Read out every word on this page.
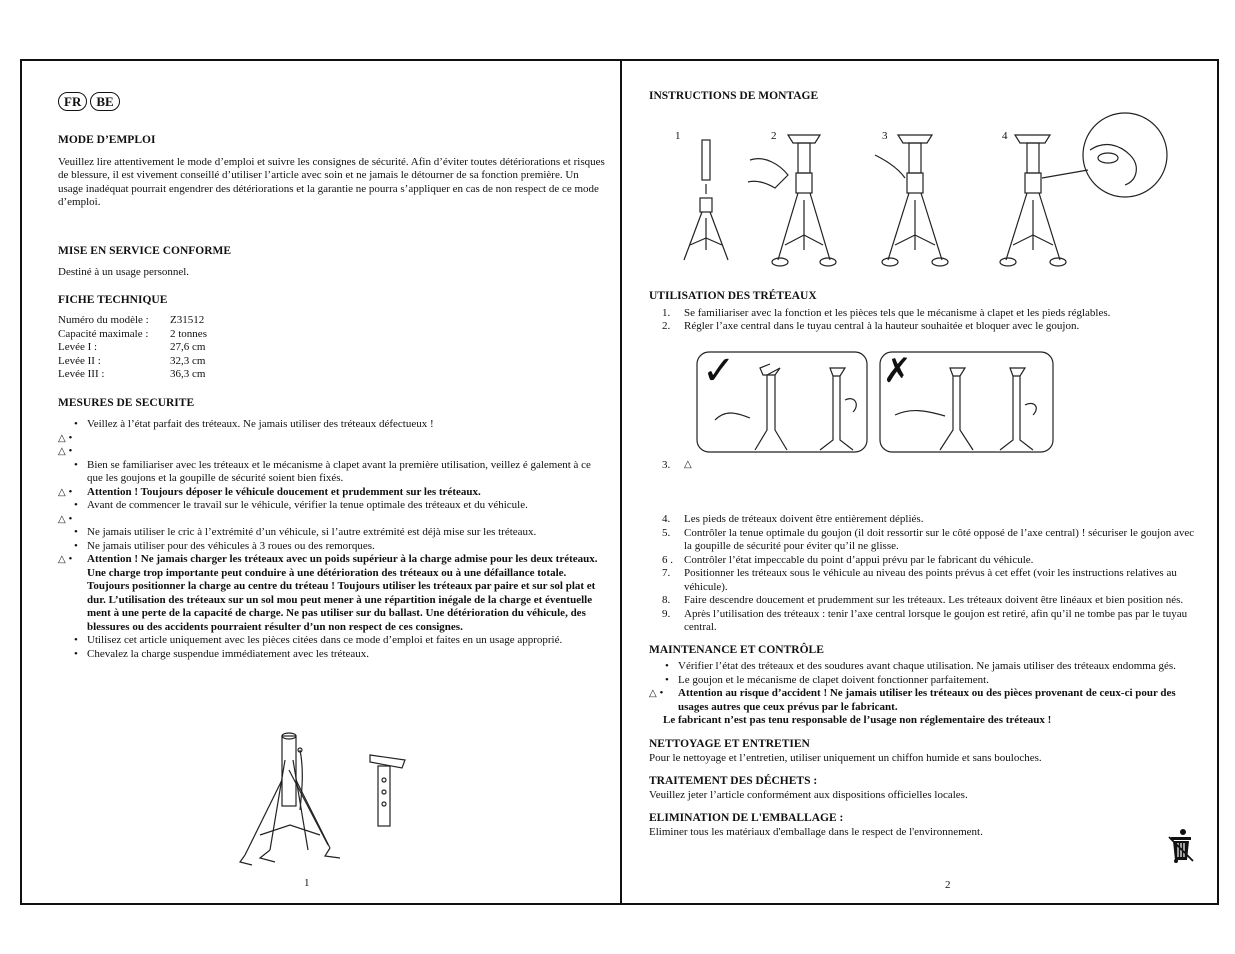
FR	BE
MODE D’EMPLOI

Veuillez lire attentivement le mode d’emploi et suivre les consignes de sécurité. Afin d’éviter toutes détériorations et risques de blessure, il est vivement conseillé d’utiliser l’article avec soin et ne jamais le détourner de sa fonction première. Un usage inadéquat pourrait engendrer des détériorations et la garantie ne pourra s’appliquer en cas de non respect de ce mode d’emploi.

MISE EN SERVICE CONFORME

Destiné à un usage personnel.

FICHE TECHNIQUE
Numéro du modèle :	Z31512
Capacité maximale :	2 tonnes
Levée I :	27,6 cm
Levée II :	32,3 cm
Levée III :	36,3 cm
MESURES DE SECURITE
• Veillez à l’état parfait des tréteaux. Ne jamais utiliser des tréteaux défectueux !
△ •
△ •
• Bien se familiariser avec les tréteaux et le mécanisme à clapet avant la première utilisation, veillez é galement à ce que les goujons et la goupille de sécurité soient bien fixés.
△ •	Attention ! Toujours déposer le véhicule doucement et prudemment sur les tréteaux.
• Avant de commencer le travail sur le véhicule, vérifier la tenue optimale des tréteaux et du véhicule.
△ •
• Ne jamais utiliser le cric à l’extrémité d’un véhicule, si l’autre extrémité est déjà mise sur les tréteaux.
• Ne jamais utiliser pour des véhicules à 3 roues ou des remorques.
△ •	Attention ! Ne jamais charger les tréteaux avec un poids supérieur à la charge admise pour les deux tréteaux. Une charge trop importante peut conduire à une détérioration des tréteaux ou à une défaillance totale. Toujours positionner la charge au centre du tréteau ! Toujours utiliser les tréteaux par paire et sur sol plat et dur. L’utilisation des tréteaux sur un sol mou peut mener à une répartition inégale de la charge et éventuelle ment à une perte de la capacité de charge. Ne pas utiliser sur du ballast. Une détérioration du véhicule, des blessures ou des accidents pourraient résulter d’un non respect de ces consignes.
• Utilisez cet article uniquement avec les pièces citées dans ce mode d’emploi et faites en un usage approprié.
• Chevalez la charge suspendue immédiatement avec les tréteaux.
1
INSTRUCTIONS DE MONTAGE
1	2	3	4
UTILISATION DES TRÉTEAUX
1. Se familiariser avec la fonction et les pièces tels que le mécanisme à clapet et les pieds réglables.
2. Régler l’axe central dans le tuyau central à la hauteur souhaitée et bloquer avec le goujon.
✓	✗
3. △
4. Les pieds de tréteaux doivent être entièrement dépliés.
5. Contrôler la tenue optimale du goujon (il doit ressortir sur le côté opposé de l’axe central) ! sécuriser le goujon avec la goupille de sécurité pour éviter qu’il ne glisse.
6 . Contrôler l’état impeccable du point d’appui prévu par le fabricant du véhicule.
7. Positionner les tréteaux sous le véhicule au niveau des points prévus à cet effet (voir les instructions relatives au véhicule).
8. Faire descendre doucement et prudemment sur les tréteaux. Les tréteaux doivent être linéaux et bien position nés.
9. Après l’utilisation des tréteaux : tenir l’axe central lorsque le goujon est retiré, afin qu’il ne tombe pas par le tuyau central.
MAINTENANCE ET CONTRÔLE
• Vérifier l’état des tréteaux et des soudures avant chaque utilisation. Ne jamais utiliser des tréteaux endomma gés.
• Le goujon et le mécanisme de clapet doivent fonctionner parfaitement.
△ •	Attention au risque d’accident ! Ne jamais utiliser les tréteaux ou des pièces provenant de ceux-ci pour des usages autres que ceux prévus par le fabricant.

Le fabricant n’est pas tenu responsable de l’usage non réglementaire des tréteaux !

NETTOYAGE ET ENTRETIEN

Pour le nettoyage et l’entretien, utiliser uniquement un chiffon humide et sans bouloches.

TRAITEMENT DES DÉCHETS :

Veuillez jeter l’article conformément aux dispositions officielles locales.

ELIMINATION DE L'EMBALLAGE :

Eliminer tous les matériaux d'emballage dans le respect de l'environnement.

2
